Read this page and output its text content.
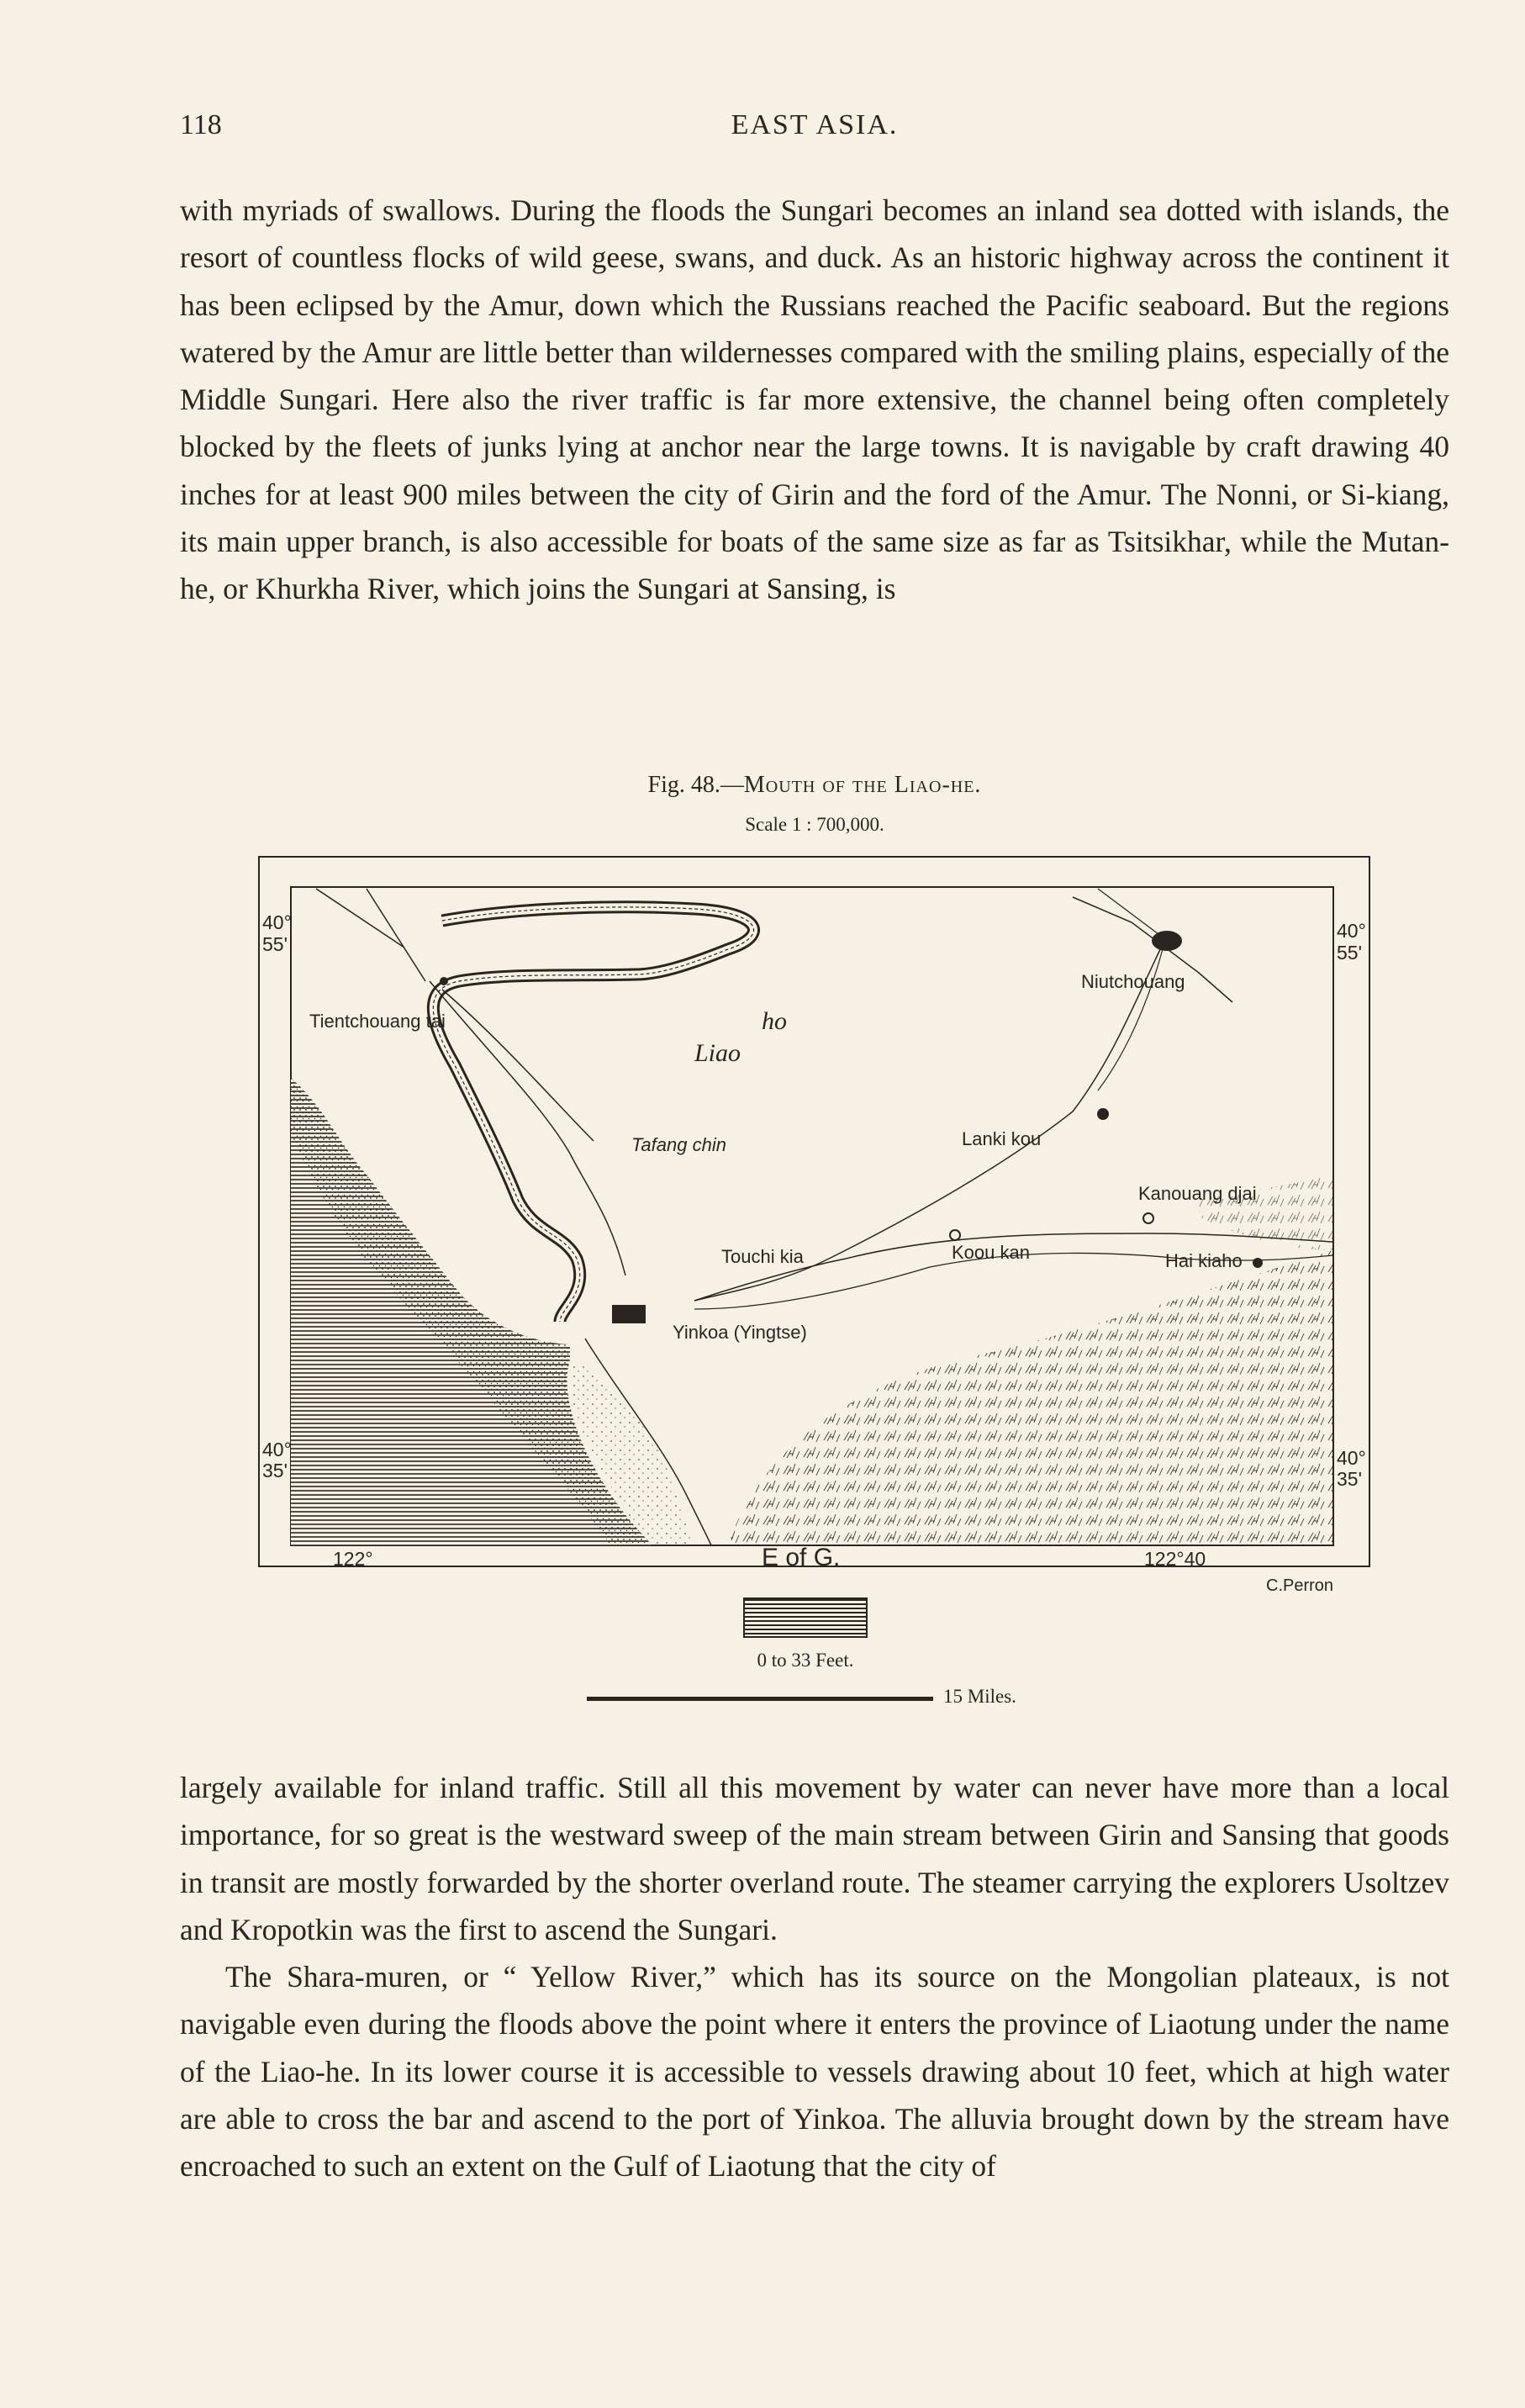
118	EAST ASIA.

with myriads of swallows. During the floods the Sungari becomes an inland sea dotted with islands, the resort of countless flocks of wild geese, swans, and duck. As an historic highway across the continent it has been eclipsed by the Amur, down which the Russians reached the Pacific seaboard. But the regions watered by the Amur are little better than wildernesses compared with the smiling plains, especially of the Middle Sungari. Here also the river traffic is far more extensive, the channel being often completely blocked by the fleets of junks lying at anchor near the large towns. It is navigable by craft drawing 40 inches for at least 900 miles between the city of Girin and the ford of the Amur. The Nonni, or Si-kiang, its main upper branch, is also accessible for boats of the same size as far as Tsitsikhar, while the Mutan-he, or Khurkha River, which joins the Sungari at Sansing, is

Fig. 48.—Mouth of the Liao-he.
Scale 1 : 700,000.
40°
55'
40°
55'
40°
35'
40°
35'
122°	E of G.	122°40
Niutchouang
Tientchouang tai
Liao
ho
Tafang chin	Lanki kou
Kanouang djai
Touchi kia	Koou kan	Hai kiaho
Yinkoa (Yingtse)
C.Perron
0 to 33 Feet.
15 Miles.

largely available for inland traffic. Still all this movement by water can never have more than a local importance, for so great is the westward sweep of the main stream between Girin and Sansing that goods in transit are mostly forwarded by the shorter overland route. The steamer carrying the explorers Usoltzev and Kropotkin was the first to ascend the Sungari.

The Shara-muren, or “ Yellow River,” which has its source on the Mongolian plateaux, is not navigable even during the floods above the point where it enters the province of Liaotung under the name of the Liao-he. In its lower course it is accessible to vessels drawing about 10 feet, which at high water are able to cross the bar and ascend to the port of Yinkoa. The alluvia brought down by the stream have encroached to such an extent on the Gulf of Liaotung that the city of
